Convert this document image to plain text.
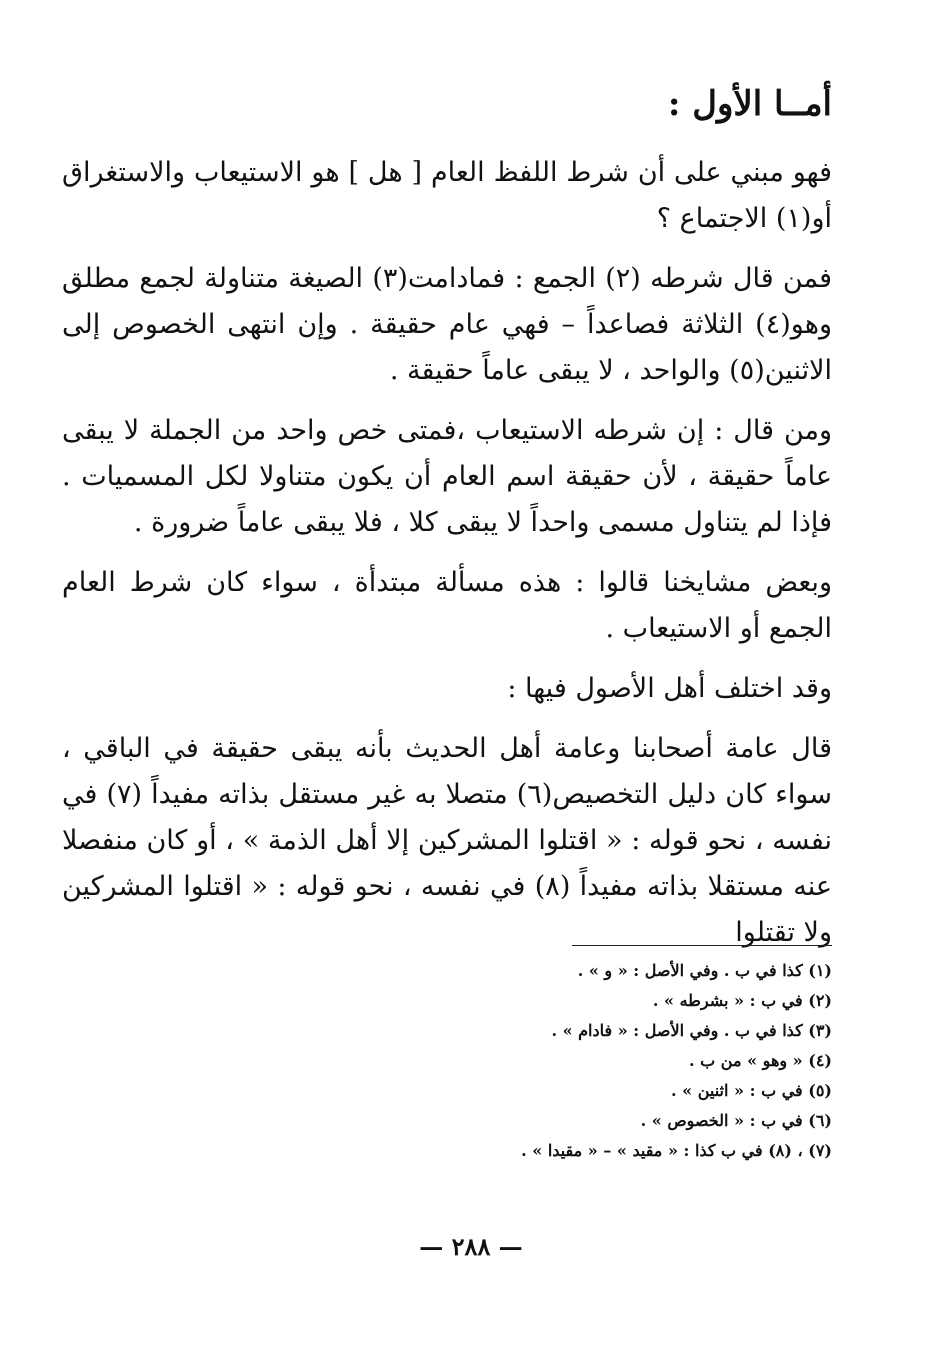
أمــا الأول :

فهو مبني على أن شرط اللفظ العام [ هل ] هو الاستيعاب والاستغراق أو(١) الاجتماع ؟

فمن قال شرطه (٢) الجمع : فمادامت(٣) الصيغة متناولة لجمع مطلق وهو(٤) الثلاثة فصاعداً – فهي عام حقيقة . وإن انتهى الخصوص إلى الاثنين(٥) والواحد ، لا يبقى عاماً حقيقة .

ومن قال : إن شرطه الاستيعاب ،فمتى خص واحد من الجملة لا يبقى عاماً حقيقة ، لأن حقيقة اسم العام أن يكون متناولا لكل المسميات . فإذا لم يتناول مسمى واحداً لا يبقى كلا ، فلا يبقى عاماً ضرورة .

وبعض مشايخنا قالوا : هذه مسألة مبتدأة ، سواء كان شرط العام الجمع أو الاستيعاب .

وقد اختلف أهل الأصول فيها :

قال عامة أصحابنا وعامة أهل الحديث بأنه يبقى حقيقة في الباقي ، سواء كان دليل التخصيص(٦) متصلا به غير مستقل بذاته مفيداً (٧) في نفسه ، نحو قوله : « اقتلوا المشركين إلا أهل الذمة » ، أو كان منفصلا عنه مستقلا بذاته مفيداً (٨) في نفسه ، نحو قوله : « اقتلوا المشركين ولا تقتلوا

(١) كذا في ب . وفي الأصل : « و » .
(٢) في ب : « بشرطه » .
(٣) كذا في ب . وفي الأصل : « فادام » .
(٤) « وهو » من ب .
(٥) في ب : « اثنين » .
(٦) في ب : « الخصوص » .
(٧) ، (٨) في ب كذا : « مقيد » – « مقيدا » .
— ٢٨٨ —
